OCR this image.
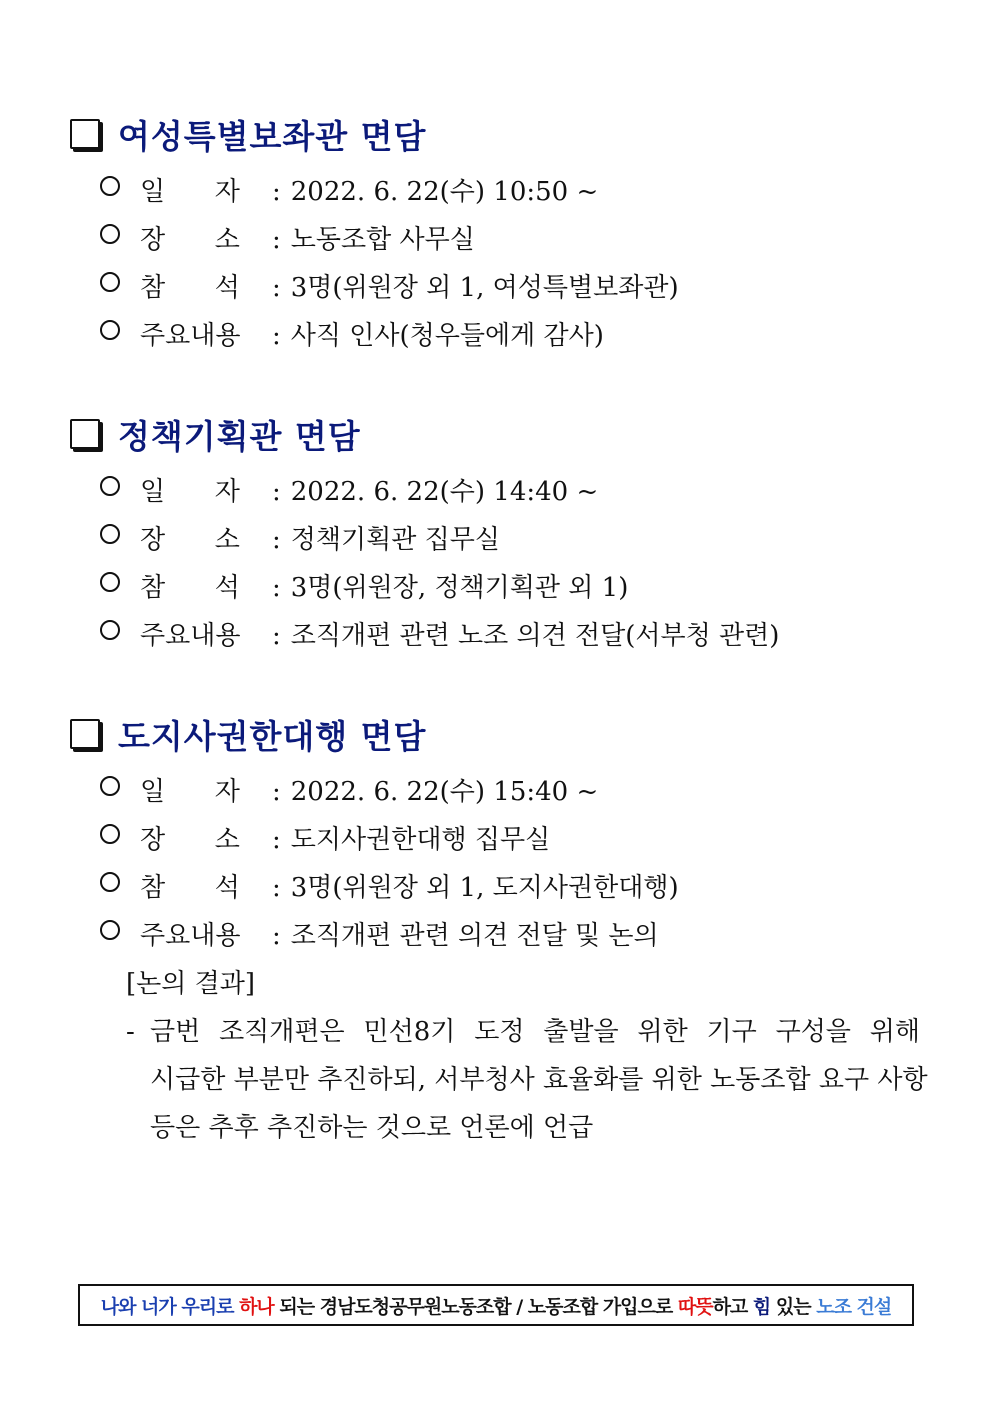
여성특별보좌관 면담
일      자 : 2022. 6. 22(수) 10:50 ~
장      소 : 노동조합 사무실
참      석 : 3명(위원장 외 1, 여성특별보좌관)
주요내용 : 사직 인사(청우들에게 감사)
정책기획관 면담
일      자 : 2022. 6. 22(수) 14:40 ~
장      소 : 정책기획관 집무실
참      석 : 3명(위원장, 정책기획관 외 1)
주요내용 : 조직개편 관련 노조 의견 전달(서부청 관련)
도지사권한대행 면담
일      자 : 2022. 6. 22(수) 15:40 ~
장      소 : 도지사권한대행 집무실
참      석 : 3명(위원장 외 1, 도지사권한대행)
주요내용 : 조직개편 관련 의견 전달 및 논의
[논의 결과]
- 금번 조직개편은 민선8기 도정 출발을 위한 기구 구성을 위해
시급한 부분만 추진하되, 서부청사 효율화를 위한 노동조합 요구 사항
등은 추후 추진하는 것으로 언론에 언급
나와 너가 우리로 하나 되는 경남도청공무원노동조합 / 노동조합 가입으로 따뜻 하고 힘 있는 노조 건설
